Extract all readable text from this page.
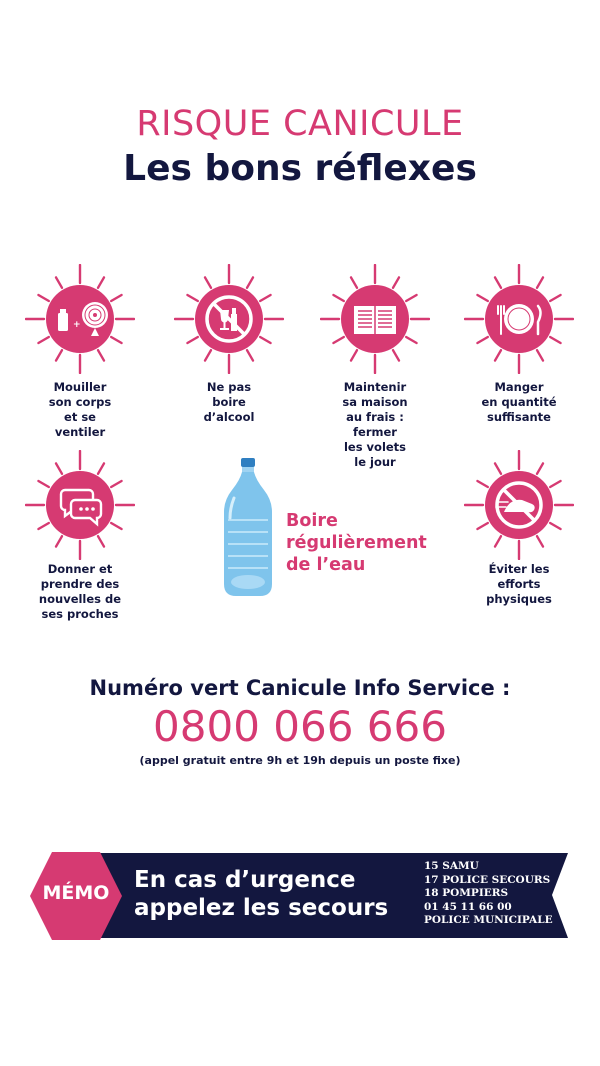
RISQUE CANICULE
Les bons réflexes
+
Mouiller
son corps
et se
ventiler
Ne pas
boire
d’alcool
Maintenir
sa maison
au frais :
fermer
les volets
le jour
Manger
en quantité
suffisante
Donner et
prendre des
nouvelles de
ses proches
Éviter les
efforts
physiques
Boire
régulièrement
de l’eau
Numéro vert Canicule Info Service :
0800 066 666
(appel gratuit entre 9h et 19h depuis un poste fixe)
MÉMO	En cas d’urgence
appelez les secours
15 SAMU
17 POLICE SECOURS
18 POMPIERS
01 45 11 66 00
POLICE MUNICIPALE
